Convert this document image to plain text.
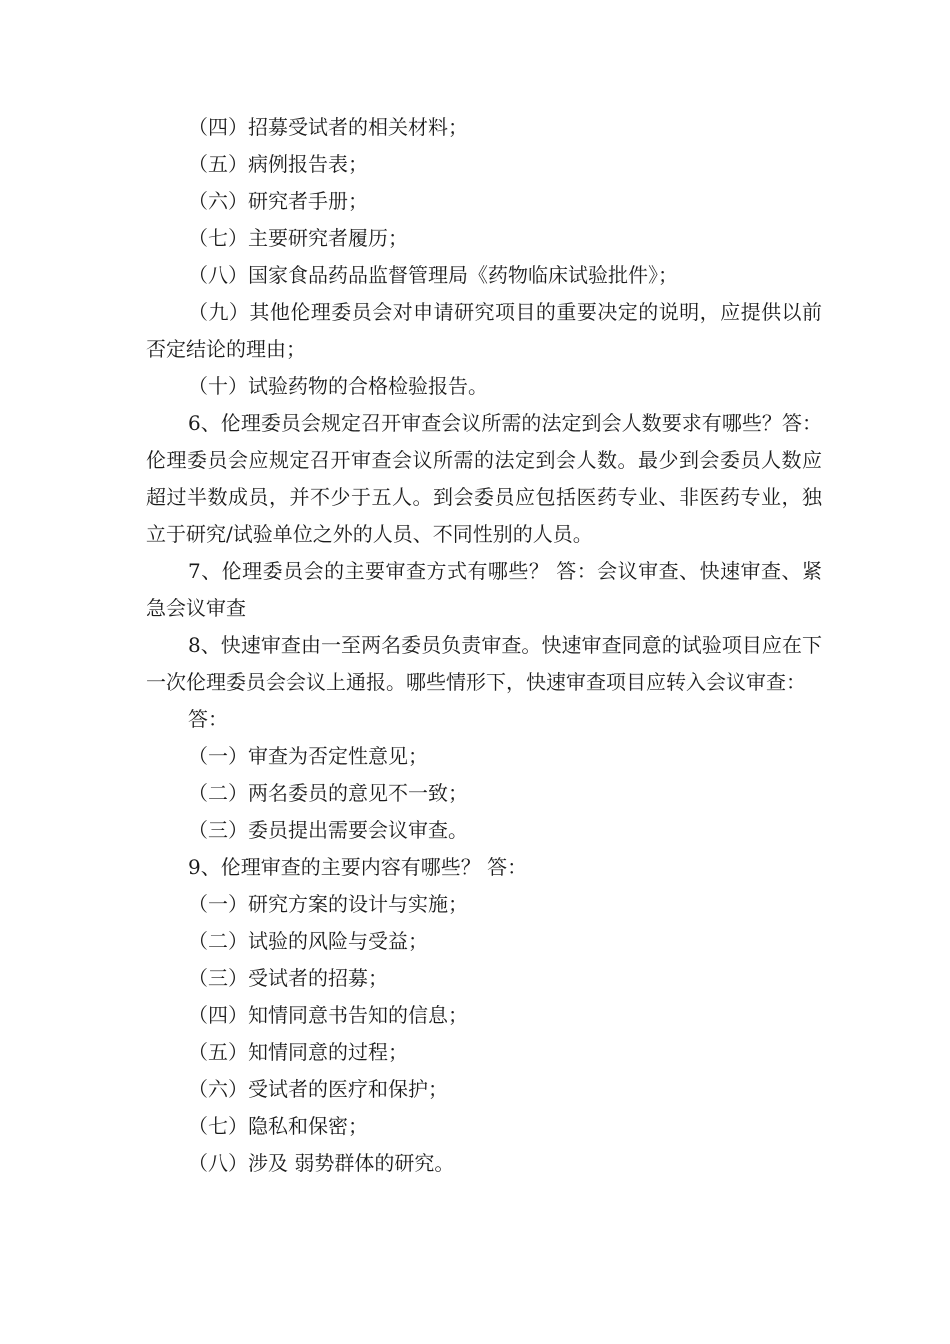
（四）招募受试者的相关材料；
（五）病例报告表；
（六）研究者手册；
（七）主要研究者履历；
（八）国家食品药品监督管理局《药物临床试验批件》；
（九）其他伦理委员会对申请研究项目的重要决定的说明，应提供以前否定结论的理由；
（十）试验药物的合格检验报告。
6、伦理委员会规定召开审查会议所需的法定到会人数要求有哪些？答：伦理委员会应规定召开审查会议所需的法定到会人数。最少到会委员人数应超过半数成员，并不少于五人。到会委员应包括医药专业、非医药专业，独立于研究/试验单位之外的人员、不同性别的人员。
7、伦理委员会的主要审查方式有哪些？ 答：会议审查、快速审查、紧急会议审查
8、快速审查由一至两名委员负责审查。快速审查同意的试验项目应在下一次伦理委员会会议上通报。哪些情形下，快速审查项目应转入会议审查：
答：
（一）审查为否定性意见；
（二）两名委员的意见不一致；
（三）委员提出需要会议审查。
9、伦理审查的主要内容有哪些？ 答：
（一）研究方案的设计与实施；
（二）试验的风险与受益；
（三）受试者的招募；
（四）知情同意书告知的信息；
（五）知情同意的过程；
（六）受试者的医疗和保护；
（七）隐私和保密；
（八）涉及 弱势群体的研究。
